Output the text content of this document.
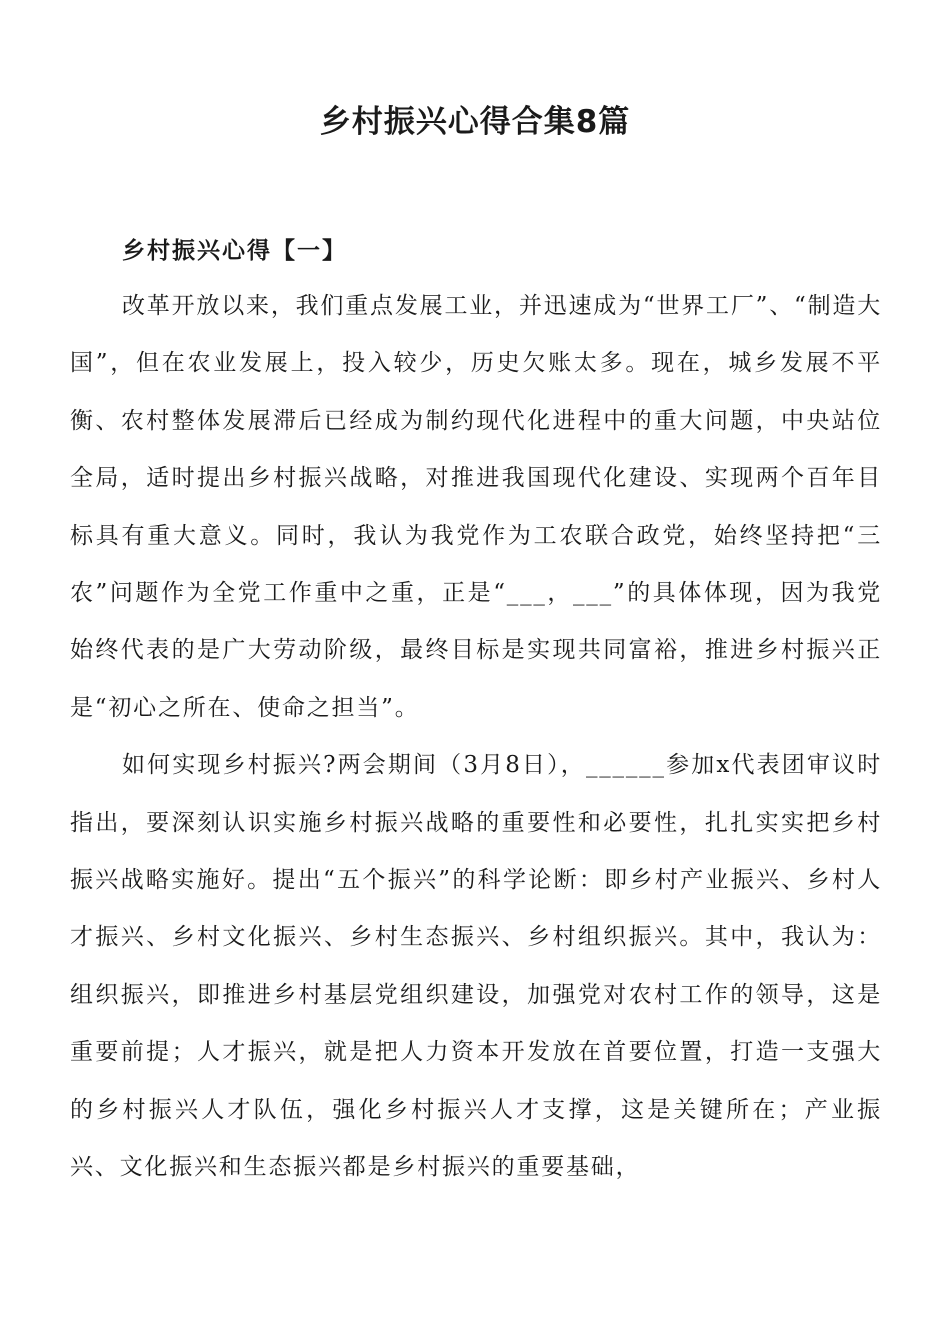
乡村振兴心得合集8篇
乡村振兴心得【一】

改革开放以来，我们重点发展工业，并迅速成为“世界工厂”、“制造大国”，但在农业发展上，投入较少，历史欠账太多。现在，城乡发展不平衡、农村整体发展滞后已经成为制约现代化进程中的重大问题，中央站位全局，适时提出乡村振兴战略，对推进我国现代化建设、实现两个百年目标具有重大意义。同时，我认为我党作为工农联合政党，始终坚持把“三农”问题作为全党工作重中之重，正是“___，___”的具体体现，因为我党始终代表的是广大劳动阶级，最终目标是实现共同富裕，推进乡村振兴正是“初心之所在、使命之担当”。

如何实现乡村振兴?两会期间（3月8日），______参加x代表团审议时指出，要深刻认识实施乡村振兴战略的重要性和必要性，扎扎实实把乡村振兴战略实施好。提出“五个振兴”的科学论断：即乡村产业振兴、乡村人才振兴、乡村文化振兴、乡村生态振兴、乡村组织振兴。其中，我认为：组织振兴，即推进乡村基层党组织建设，加强党对农村工作的领导，这是重要前提；人才振兴，就是把人力资本开发放在首要位置，打造一支强大的乡村振兴人才队伍，强化乡村振兴人才支撑，这是关键所在；产业振兴、文化振兴和生态振兴都是乡村振兴的重要基础，
